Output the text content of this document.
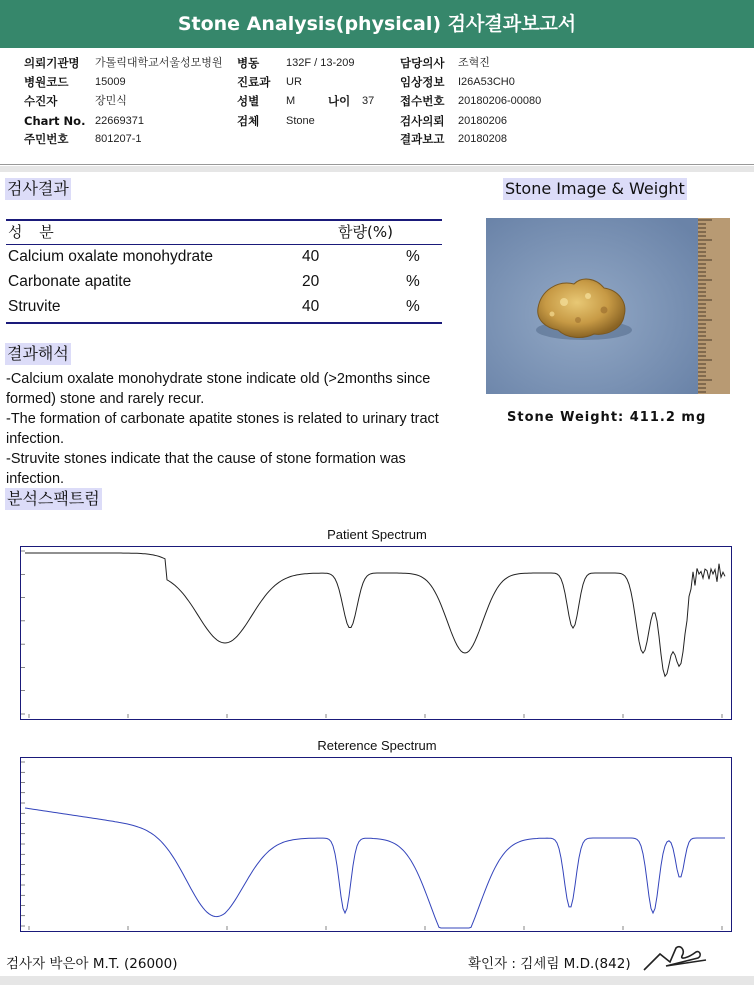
Stone Analysis(physical) 검사결과보고서
의뢰기관명 가톨릭대학교서울성모병원 병동 132F / 13-209	담당의사 조혁진
병원코드 15009	진료과 UR	임상정보 I26A53CH0
수진자	장민식	성별 M	나이 37 접수번호 20180206-00080
Chart No. 22669371	검체 Stone	검사의뢰 20180206
주민번호 801207-1	결과보고 20180208
검사결과
성 분	함량(%)
Calcium oxalate monohydrate	40	%
Carbonate apatite	20	%
Struvite	40	%
결과해석

-Calcium oxalate monohydrate stone indicate old (>2months since formed) stone and rarely recur.

-The formation of carbonate apatite stones is related to urinary tract infection.

-Struvite stones indicate that the cause of stone formation was infection.

Stone Image & Weight
Stone Weight: 411.2 mg
분석스팩트럼
Patient Spectrum
Reterence Spectrum
검사자 박은아 M.T. (26000)	확인자 : 김세림 M.D.(842)
